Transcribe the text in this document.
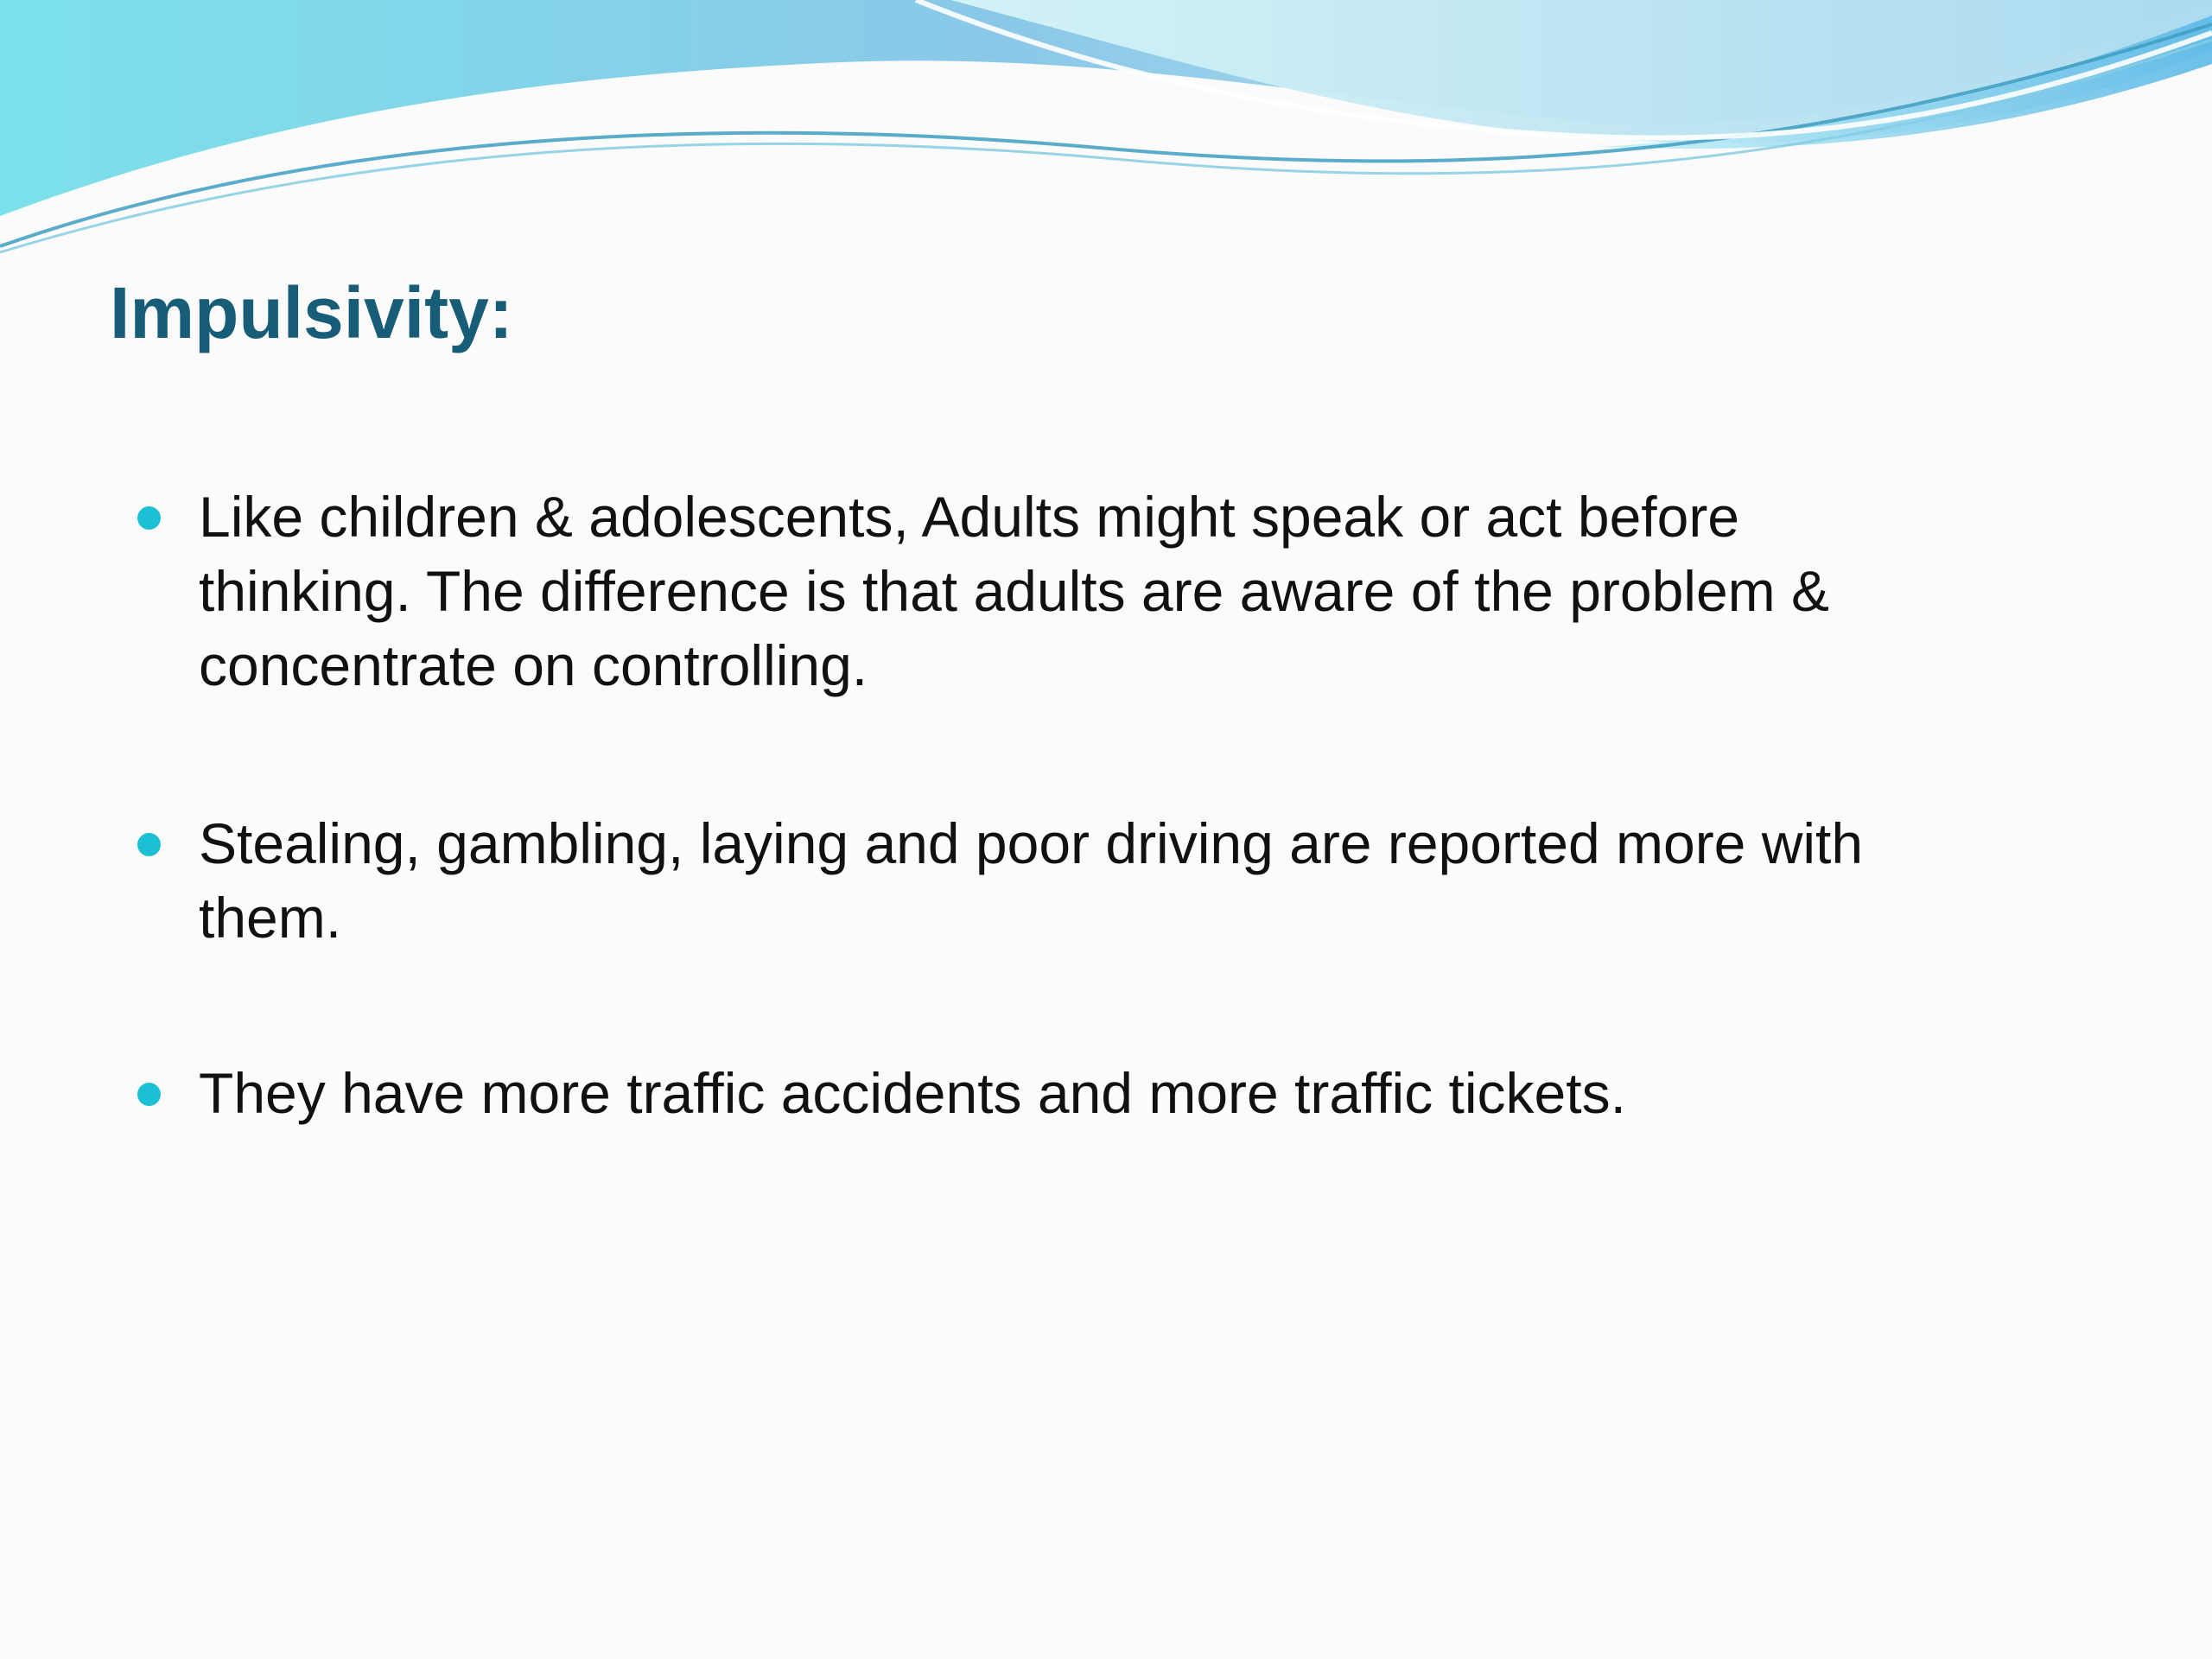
Impulsivity:
Like children & adolescents, Adults might speak or act before
thinking. The difference is that adults are aware of the problem &
concentrate on controlling.
Stealing, gambling, laying and poor driving are reported more with
them.
They have more traffic accidents and more traffic tickets.
